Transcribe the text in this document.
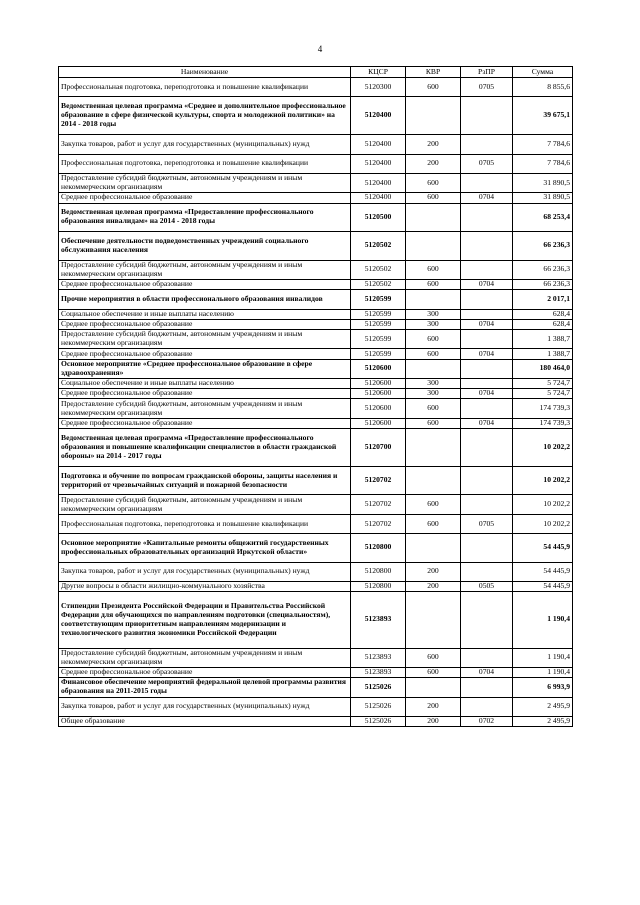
4
Наименование	КЦСР	КВР	РзПР	Сумма
Профессиональная подготовка, переподготовка и повышение квалификации	5120300	600	0705	8 855,6
Ведомственная целевая программа «Среднее и дополнительное профессиональное образование в сфере физической культуры, спорта и молодежной политики» на 2014 - 2018 годы	5120400			39 675,1
Закупка товаров, работ и услуг для государственных (муниципальных) нужд	5120400	200		7 784,6
Профессиональная подготовка, переподготовка и повышение квалификации	5120400	200	0705	7 784,6
Предоставление субсидий бюджетным, автономным учреждениям и иным некоммерческим организациям	5120400	600		31 890,5
Среднее профессиональное образование	5120400	600	0704	31 890,5
Ведомственная целевая программа «Предоставление профессионального образования инвалидам» на 2014 - 2018 годы	5120500			68 253,4
Обеспечение деятельности подведомственных учреждений социального обслуживания населения	5120502			66 236,3
Предоставление субсидий бюджетным, автономным учреждениям и иным некоммерческим организациям	5120502	600		66 236,3
Среднее профессиональное образование	5120502	600	0704	66 236,3
Прочие мероприятия в области профессионального образования инвалидов	5120599			2 017,1
Социальное обеспечение и иные выплаты населению	5120599	300		628,4
Среднее профессиональное образование	5120599	300	0704	628,4
Предоставление субсидий бюджетным, автономным учреждениям и иным некоммерческим организациям	5120599	600		1 388,7
Среднее профессиональное образование	5120599	600	0704	1 388,7
Основное мероприятие «Среднее профессиональное образование в сфере здравоохранения»	5120600			180 464,0
Социальное обеспечение и иные выплаты населению	5120600	300		5 724,7
Среднее профессиональное образование	5120600	300	0704	5 724,7
Предоставление субсидий бюджетным, автономным учреждениям и иным некоммерческим организациям	5120600	600		174 739,3
Среднее профессиональное образование	5120600	600	0704	174 739,3
Ведомственная целевая программа «Предоставление профессионального образования и повышение квалификации специалистов в области гражданской обороны» на 2014 - 2017 годы	5120700			10 202,2
Подготовка и обучение по вопросам гражданской обороны, защиты населения и территорий от чрезвычайных ситуаций и пожарной безопасности	5120702			10 202,2
Предоставление субсидий бюджетным, автономным учреждениям и иным некоммерческим организациям	5120702	600		10 202,2
Профессиональная подготовка, переподготовка и повышение квалификации	5120702	600	0705	10 202,2
Основное мероприятие «Капитальные ремонты общежитий государственных профессиональных образовательных организаций Иркутской области»	5120800			54 445,9
Закупка товаров, работ и услуг для государственных (муниципальных) нужд	5120800	200		54 445,9
Другие вопросы в области жилищно-коммунального хозяйства	5120800	200	0505	54 445,9
Стипендии Президента Российской Федерации и Правительства Российской Федерации для обучающихся по направлениям подготовки (специальностям), соответствующим приоритетным направлениям модернизации и технологического развития экономики Российской Федерации	5123893			1 190,4
Предоставление субсидий бюджетным, автономным учреждениям и иным некоммерческим организациям	5123893	600		1 190,4
Среднее профессиональное образование	5123893	600	0704	1 190,4
Финансовое обеспечение мероприятий федеральной целевой программы развития образования на 2011-2015 годы	5125026			6 993,9
Закупка товаров, работ и услуг для государственных (муниципальных) нужд	5125026	200		2 495,9
Общее образование	5125026	200	0702	2 495,9
